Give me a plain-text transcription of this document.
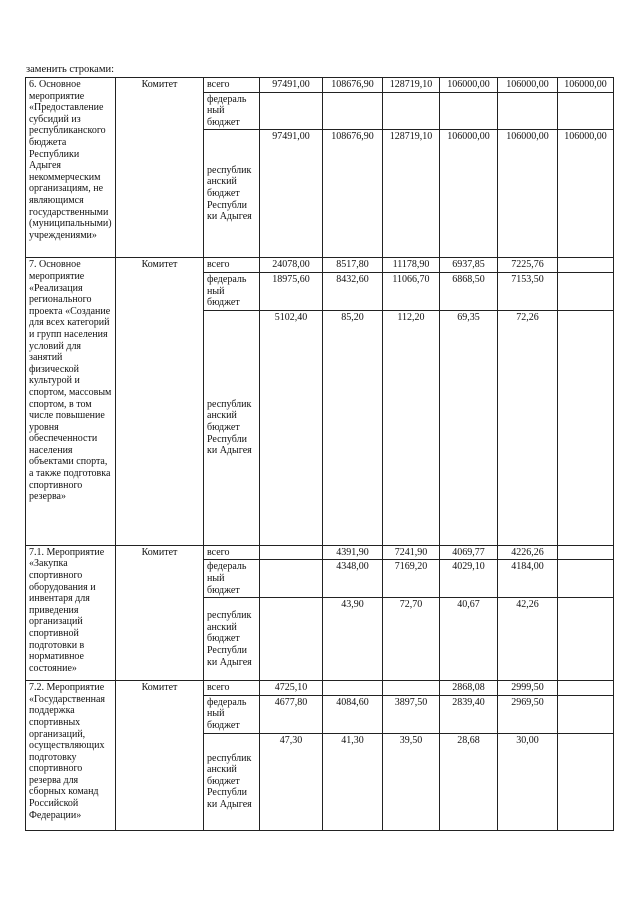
заменить строками:
6. Основное мероприятие «Предоставление субсидий из республиканского бюджета Республики Адыгея некоммерческим организациям, не являющимся государственными (муниципальными) учреждениями»	Комитет	всего	97491,00	108676,90	128719,10	106000,00	106000,00	106000,00
		федераль ный бюджет						
		республик анский бюджет Республи ки Адыгея	97491,00	108676,90	128719,10	106000,00	106000,00	106000,00
7. Основное мероприятие «Реализация регионального проекта «Создание для всех категорий и групп населения условий для занятий физической культурой и спортом, массовым спортом, в том числе повышение уровня обеспеченности населения объектами спорта, а также подготовка спортивного резерва»	Комитет	всего	24078,00	8517,80	11178,90	6937,85	7225,76	
		федераль ный бюджет	18975,60	8432,60	11066,70	6868,50	7153,50	
		республик анский бюджет Республи ки Адыгея	5102,40	85,20	112,20	69,35	72,26	
7.1. Мероприятие «Закупка спортивного оборудования и инвентаря для приведения организаций спортивной подготовки в нормативное состояние»	Комитет	всего		4391,90	7241,90	4069,77	4226,26	
		федераль ный бюджет		4348,00	7169,20	4029,10	4184,00	
		республик анский бюджет Республи ки Адыгея		43,90	72,70	40,67	42,26	
7.2. Мероприятие «Государственная поддержка спортивных организаций, осуществляющих подготовку спортивного резерва для сборных команд Российской Федерации»	Комитет	всего	4725,10			2868,08	2999,50	
		федераль ный бюджет	4677,80	4084,60	3897,50	2839,40	2969,50	
		республик анский бюджет Республи ки Адыгея	47,30	41,30	39,50	28,68	30,00	
